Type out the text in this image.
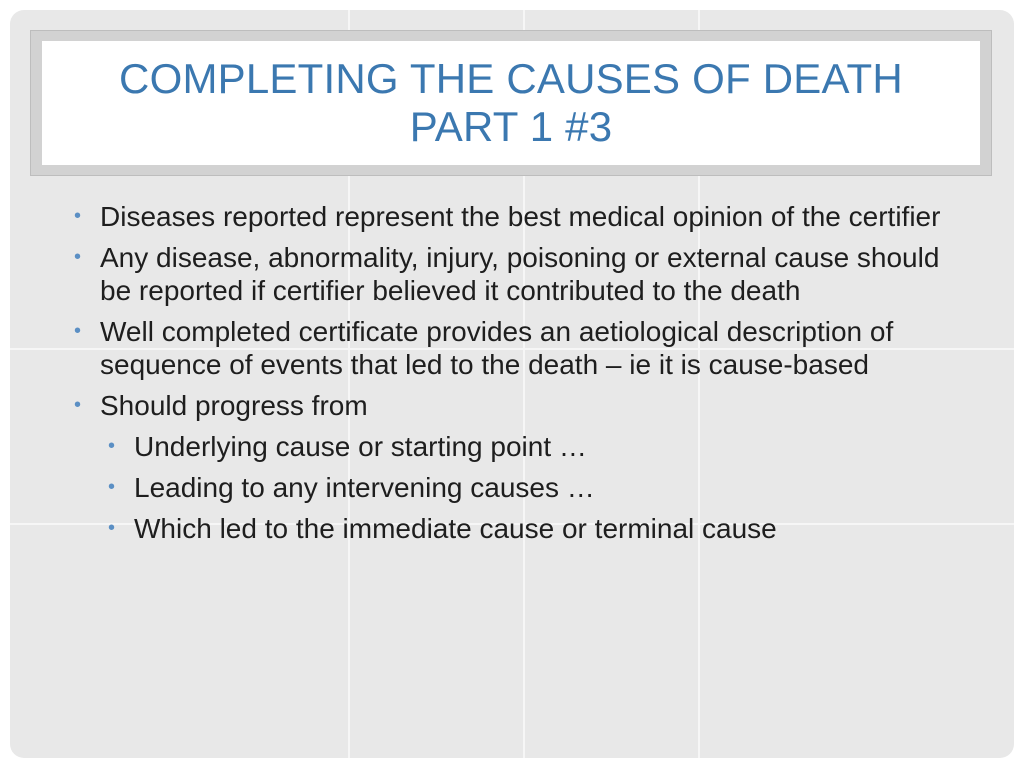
COMPLETING THE CAUSES OF DEATH PART 1 #3
• Diseases reported represent the best medical opinion of the certifier
• Any disease, abnormality, injury, poisoning or external cause should be reported if certifier believed it contributed to the death
• Well completed certificate provides an aetiological description of sequence of events that led to the death – ie it is cause-based
• Should progress from
• Underlying cause or starting point …
• Leading to any intervening causes …
• Which led to the immediate cause or terminal cause
